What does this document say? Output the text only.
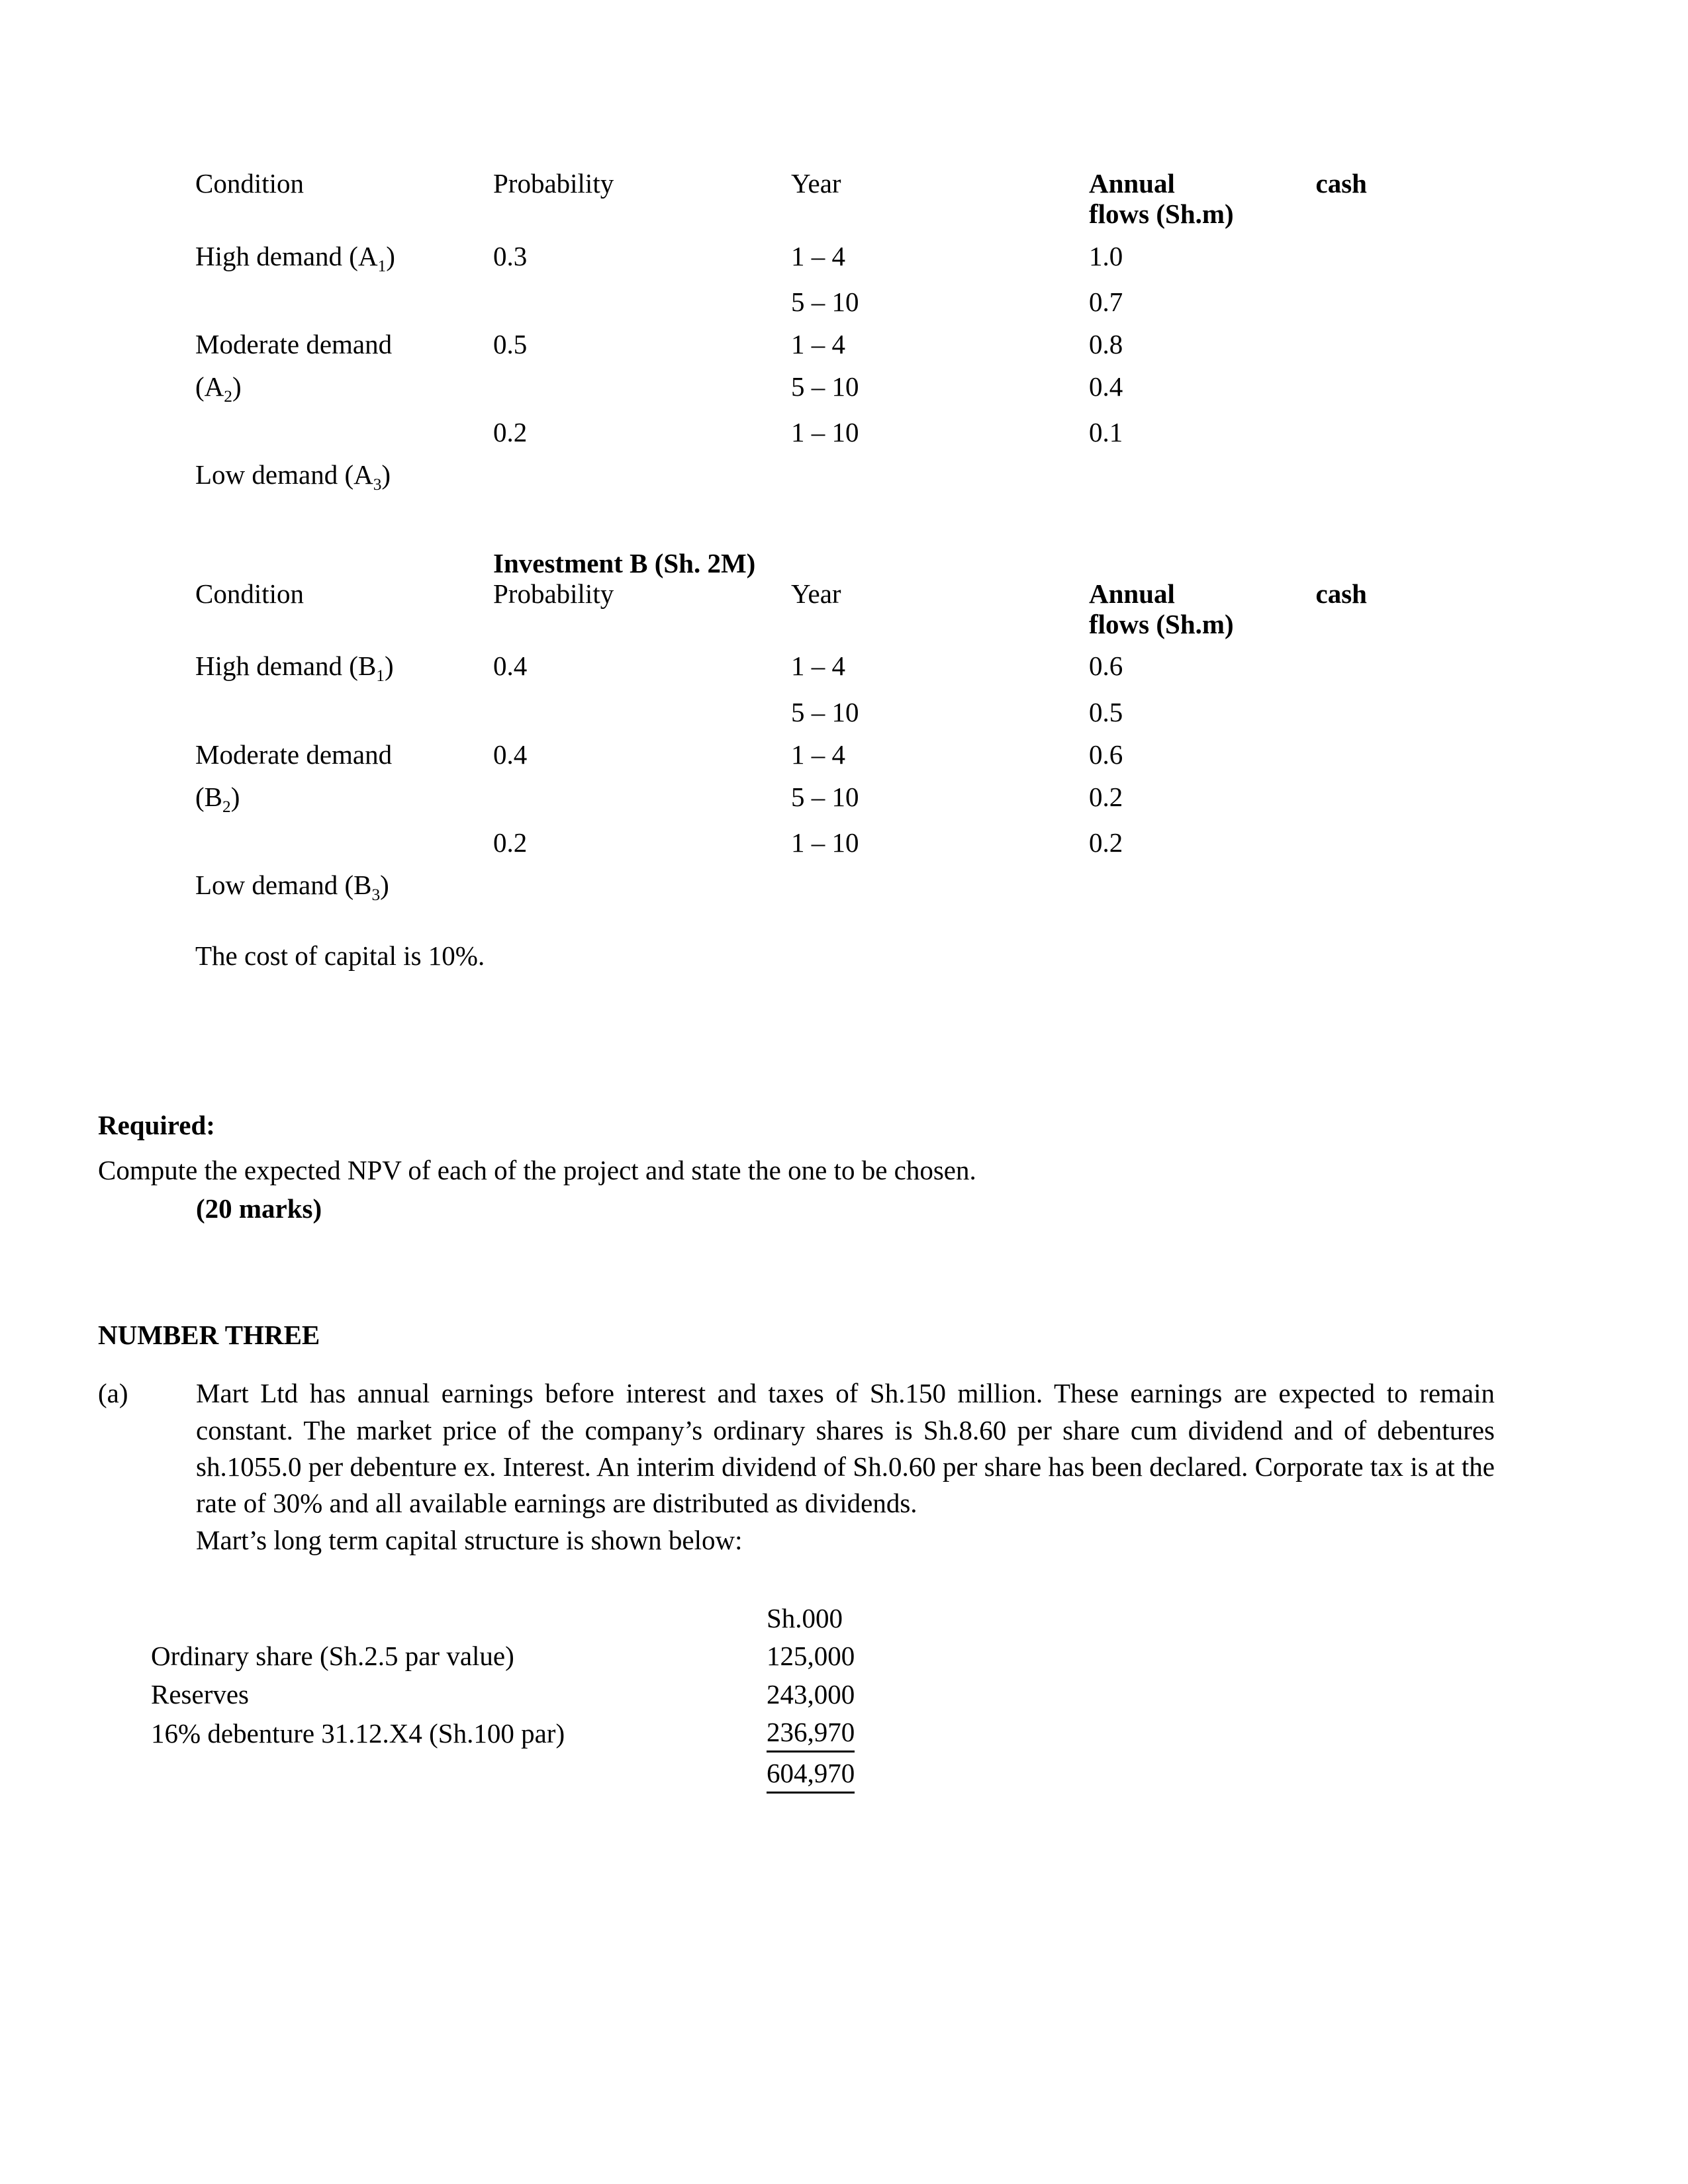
Condition	Probability	Year	Annual cash
flows (Sh.m)

High demand $(A_1)$	0.3	1 – 4	1.0
		5 – 10	0.7
Moderate demand	0.5	1 – 4	0.8
$(A_2)$		5 – 10	0.4
	0.2	1 – 10	0.1
Low demand $(A_3)$			
Investment B (Sh. 2M)
Condition	Probability	Year	Annual cash
flows (Sh.m)

High demand $(B_1)$	0.4	1 – 4	0.6
		5 – 10	0.5
Moderate demand	0.4	1 – 4	0.6
$(B_2)$		5 – 10	0.2
	0.2	1 – 10	0.2
Low demand $(B_3)$			
The cost of capital is 10%.
Required:
Compute the expected NPV of each of the project and state the one to be chosen.
(20 marks)
NUMBER THREE
(a)	Mart Ltd has annual earnings before interest and taxes of Sh.150 million. These earnings are expected to remain constant. The market price of the company’s ordinary shares is Sh.8.60 per share cum dividend and of debentures sh.1055.0 per debenture ex. Interest. An interim dividend of Sh.0.60 per share has been declared. Corporate tax is at the rate of 30% and all available earnings are distributed as dividends.

Mart’s long term capital structure is shown below:

	Sh.000
Ordinary share (Sh.2.5 par value)	125,000
Reserves	243,000
16% debenture 31.12.X4 (Sh.100 par)	236,970
	604,970
